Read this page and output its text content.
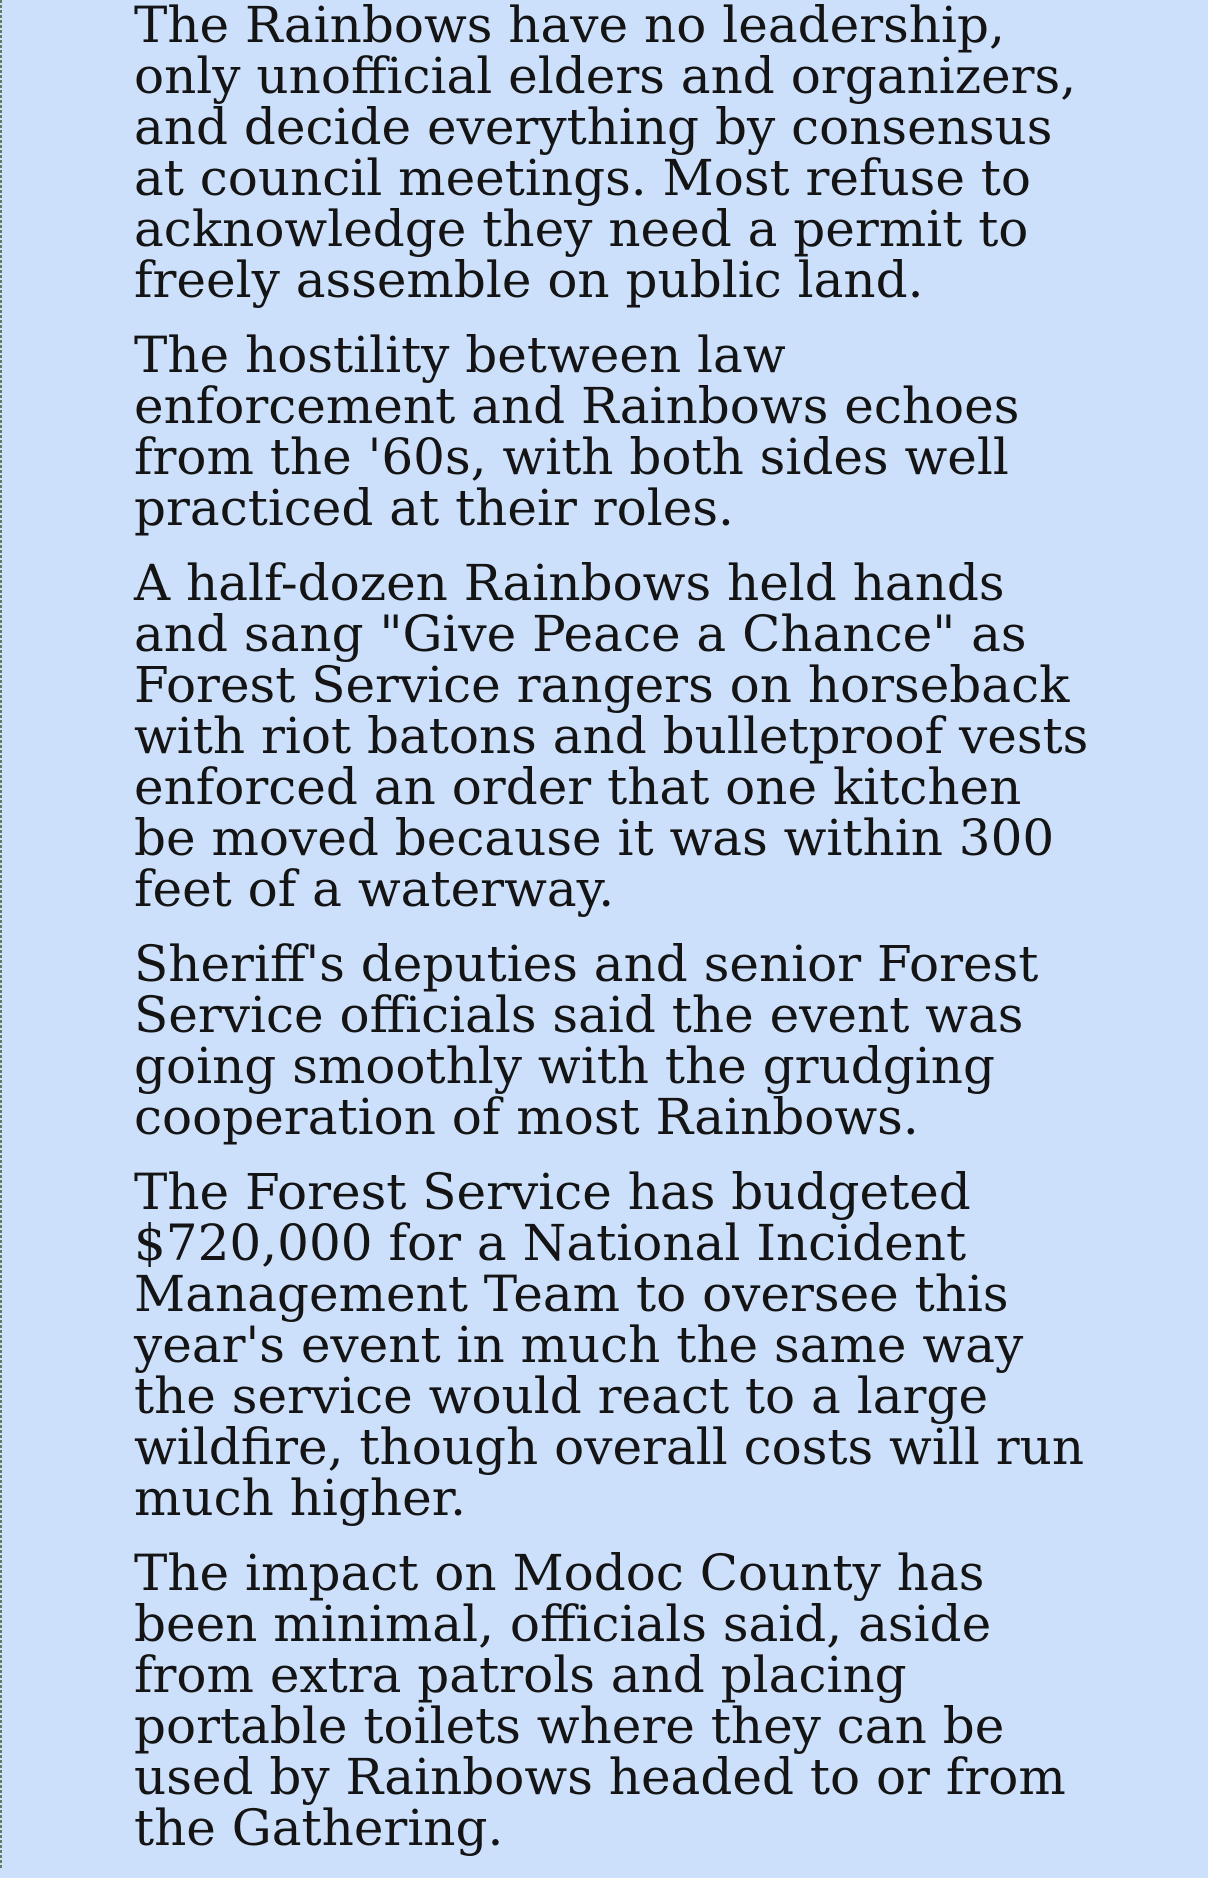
The Rainbows have no leadership, only unofficial elders and organizers, and decide everything by consensus at council meetings. Most refuse to acknowledge they need a permit to freely assemble on public land.

The hostility between law enforcement and Rainbows echoes from the '60s, with both sides well practiced at their roles.

A half-dozen Rainbows held hands and sang "Give Peace a Chance" as Forest Service rangers on horseback with riot batons and bulletproof vests enforced an order that one kitchen be moved because it was within 300 feet of a waterway.

Sheriff's deputies and senior Forest Service officials said the event was going smoothly with the grudging cooperation of most Rainbows.

The Forest Service has budgeted $720,000 for a National Incident Management Team to oversee this year's event in much the same way the service would react to a large wildfire, though overall costs will run much higher.

The impact on Modoc County has been minimal, officials said, aside from extra patrols and placing portable toilets where they can be used by Rainbows headed to or from the Gathering.
